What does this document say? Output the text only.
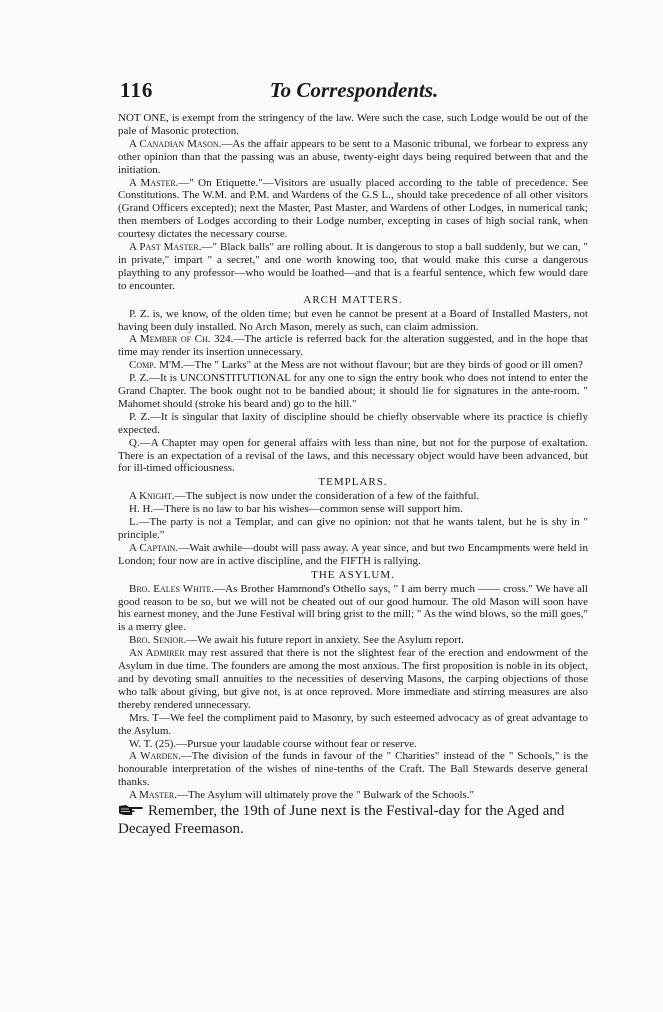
116	To Correspondents.

NOT ONE, is exempt from the stringency of the law. Were such the case, such Lodge would be out of the pale of Masonic protection.

A Canadian Mason.—As the affair appears to be sent to a Masonic tribunal, we forbear to express any other opinion than that the passing was an abuse, twenty-eight days being required between that and the initiation.

A Master.—" On Etiquette."—Visitors are usually placed according to the table of precedence. See Constitutions. The W.M. and P.M. and Wardens of the G.S L., should take precedence of all other visitors (Grand Officers excepted); next the Master, Past Master, and Wardens of other Lodges, in numerical rank; then members of Lodges according to their Lodge number, excepting in cases of high social rank, when courtesy dictates the necessary course.

A Past Master.—" Black balls" are rolling about. It is dangerous to stop a ball suddenly, but we can, " in private," impart " a secret," and one worth knowing too, that would make this curse a dangerous plaything to any professor—who would be loathed—and that is a fearful sentence, which few would dare to encounter.

ARCH MATTERS.

P. Z. is, we know, of the olden time; but even he cannot be present at a Board of Installed Masters, not having been duly installed. No Arch Mason, merely as such, can claim admission.

A Member of Ch. 324.—The article is referred back for the alteration suggested, and in the hope that time may render its insertion unnecessary.

Comp. M'M.—The " Larks" at the Mess are not without flavour; but are they birds of good or ill omen?

P. Z.—It is UNCONSTITUTIONAL for any one to sign the entry book who does not intend to enter the Grand Chapter. The book ought not to be bandied about; it should lie for signatures in the ante-room. " Mahomet should (stroke his beard and) go to the hill."

P. Z.—It is singular that laxity of discipline should be chiefly observable where its practice is chiefly expected.

Q.—A Chapter may open for general affairs with less than nine, but not for the purpose of exaltation. There is an expectation of a revisal of the laws, and this necessary object would have been advanced, but for ill-timed officiousness.

TEMPLARS.

A Knight.—The subject is now under the consideration of a few of the faithful.

H. H.—There is no law to bar his wishes—common sense will support him.

L.—The party is not a Templar, and can give no opinion: not that he wants talent, but he is shy in " principle."

A Captain.—Wait awhile—doubt will pass away. A year since, and but two Encampments were held in London; four now are in active discipline, and the FIFTH is rallying.

THE ASYLUM.

Bro. Eales White.—As Brother Hammond's Othello says, " I am berry much —— cross." We have all good reason to be so, but we will not be cheated out of our good humour. The old Mason will soon have his earnest money, and the June Festival will bring grist to the mill; " As the wind blows, so the mill goes," is a merry glee.

Bro. Senior.—We await his future report in anxiety. See the Asylum report.

An Admirer may rest assured that there is not the slightest fear of the erection and endowment of the Asylum in due time. The founders are among the most anxious. The first proposition is noble in its object, and by devoting small annuities to the necessities of deserving Masons, the carping objections of those who talk about giving, but give not, is at once reproved. More immediate and stirring measures are also thereby rendered unnecessary.

Mrs. T—We feel the compliment paid to Masonry, by such esteemed advocacy as of great advantage to the Asylum.

W. T. (25).—Pursue your laudable course without fear or reserve.

A Warden.—The division of the funds in favour of the " Charities" instead of the " Schools," is the honourable interpretation of the wishes of nine-tenths of the Craft. The Ball Stewards deserve general thanks.

A Master.—The Asylum will ultimately prove the " Bulwark of the Schools."

Remember, the 19th of June next is the Festival-day for the Aged and Decayed Freemason.
